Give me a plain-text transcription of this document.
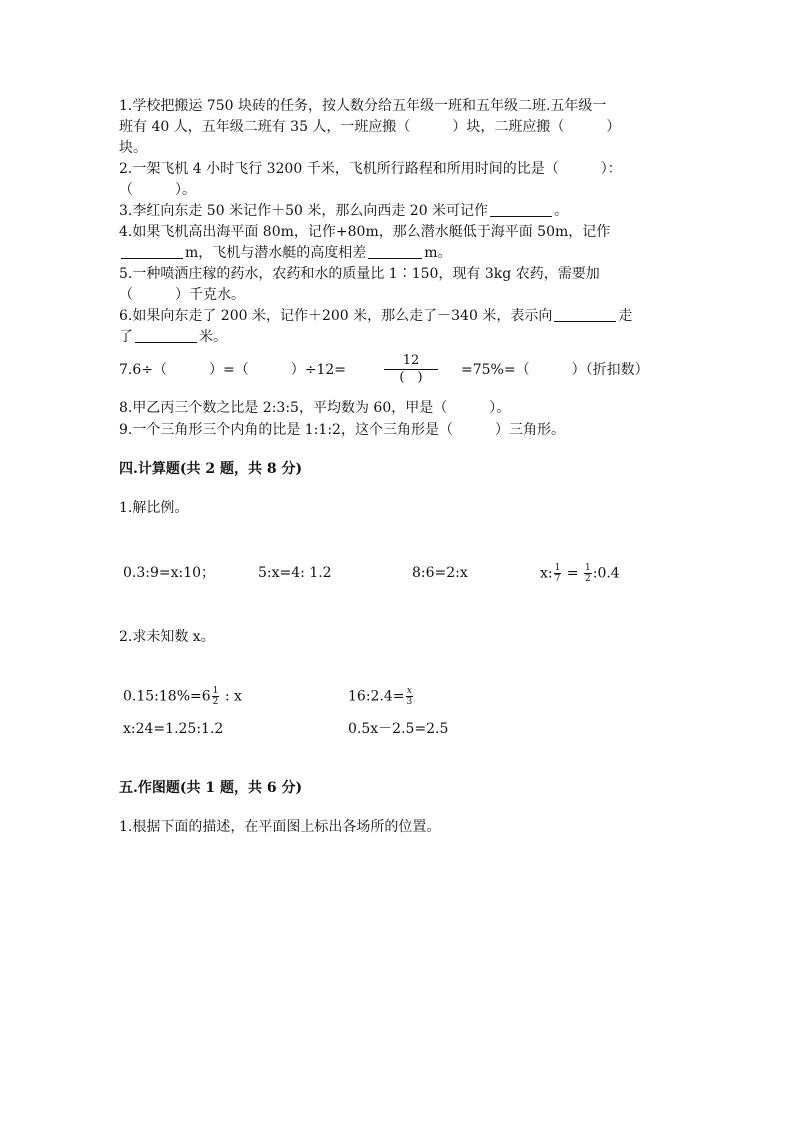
1.学校把搬运 750 块砖的任务，按人数分给五年级一班和五年级二班.五年级一
班有 40 人，五年级二班有 35 人，一班应搬（　　　）块，二班应搬（　　　）
块。
2.一架飞机 4 小时飞行 3200 千米，飞机所行路程和所用时间的比是（　　　）：
（　　　）。
3.李红向东走 50 米记作＋50 米，那么向西走 20 米可记作	。
4.如果飞机高出海平面 80m，记作+80m，那么潜水艇低于海平面 50m，记作
m，飞机与潜水艇的高度相差	m。
5.一种喷洒庄稼的药水，农药和水的质量比 1∶150，现有 3kg 农药，需要加
（　　　）千克水。
6.如果向东走了 200 米，记作＋200 米，那么走了－340 米，表示向	走
了	米。
7.6÷（　　　）=（　　　）÷12=
12
(　)	=75%=（　　　）（折扣数）
8.甲乙丙三个数之比是 2:3:5，平均数为 60，甲是（　　　）。
9.一个三角形三个内角的比是 1:1:2，这个三角形是（　　　）三角形。
四.计算题(共 2 题，共 8 分)
1.解比例。
0.3:9=x:10；	5:x=4: 1.2	8:6=2:x	x: $\frac{1}{7} = \frac{1}{2}$ :0.4
2.求未知数 x。
0.15:18%=6 $\frac{1}{2}$ : x	16:2.4= $\frac{x}{3}$
x:24=1.25:1.2	0.5x－2.5=2.5
五.作图题(共 1 题，共 6 分)
1.根据下面的描述，在平面图上标出各场所的位置。
